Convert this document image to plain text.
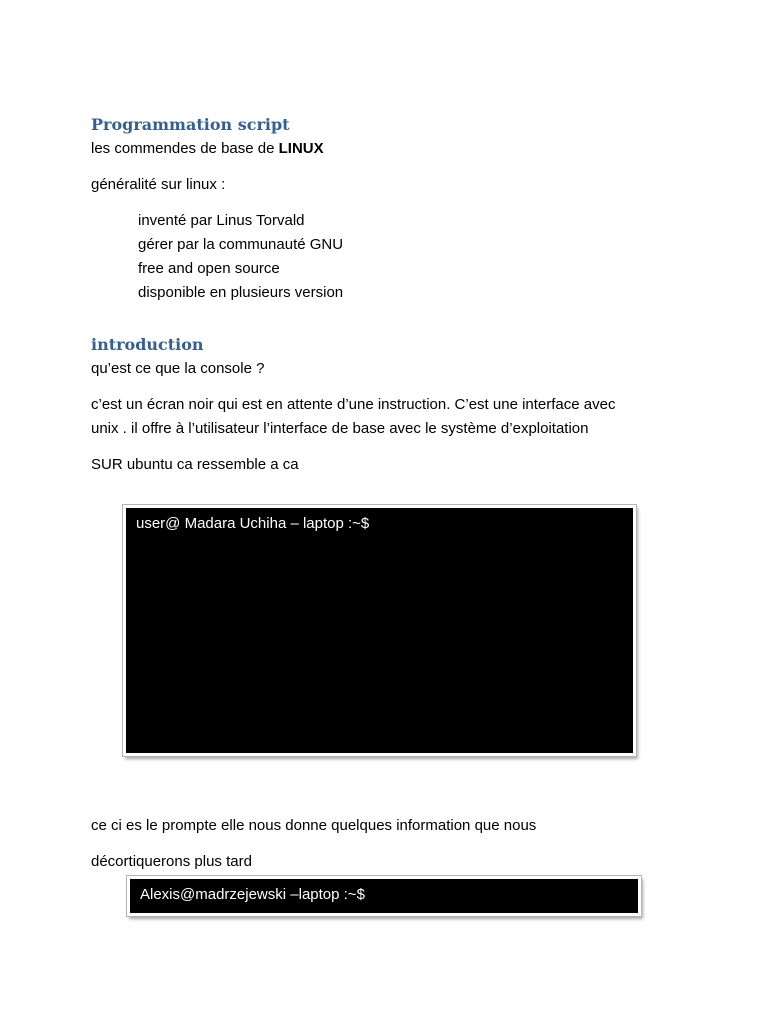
Programmation script

les commendes de base de LINUX

généralité sur linux :

inventé par Linus Torvald

gérer par la communauté GNU

free and open source

disponible en plusieurs version

introduction

qu’est ce que la console ?

c’est un écran noir qui est en attente d’une instruction. C’est une interface avec

unix . il offre à l’utilisateur l’interface de base avec le système d’exploitation

SUR ubuntu ca ressemble a ca

user@ Madara Uchiha – laptop :~$

ce ci es le prompte elle nous donne quelques information que nous

décortiquerons plus tard

Alexis@madrzejewski –laptop :~$
